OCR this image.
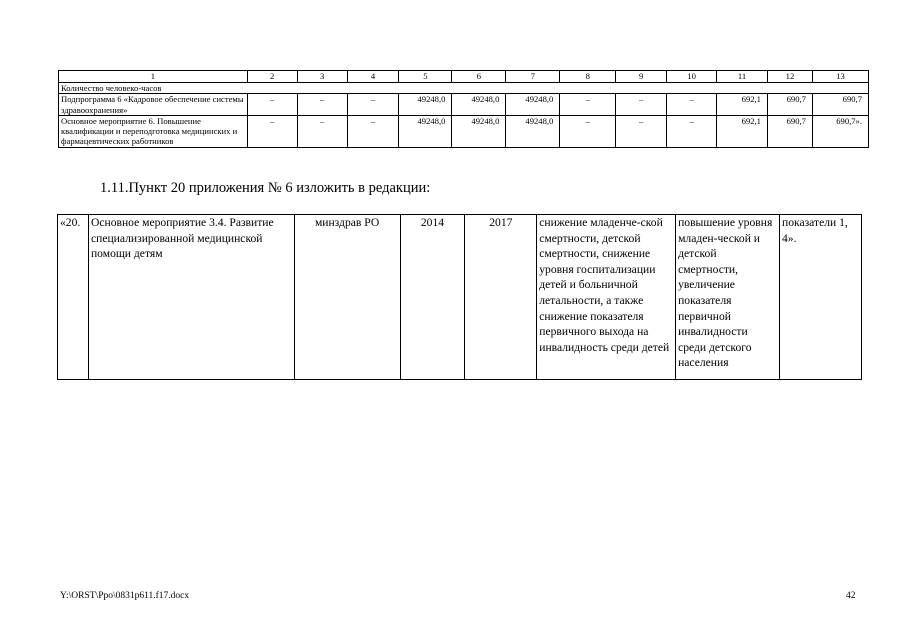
1	2	3	4	5	6	7	8	9	10	11	12	13
Количество человеко-часов												
Подпрограмма 6 «Кадровое обеспечение системы здравоохранения»	–	–	–	49248,0	49248,0	49248,0	–	–	–	692,1	690,7	690,7
Основное мероприятие 6. Повышение квалификации и переподготовка медицинских и фармацевтических работников	–	–	–	49248,0	49248,0	49248,0	–	–	–	692,1	690,7	690,7».
1.11.Пункт 20 приложения № 6 изложить в редакции:
«20.	Основное мероприятие 3.4. Развитие специализированной медицинской помощи детям	минздрав РО	2014	2017	снижение младенче-ской смертности, детской смертности, снижение уровня госпитализации детей и больничной летальности, а также снижение показателя первичного выхода на инвалидность среди детей	повышение уровня младен-ческой и детской смертности, увеличение показателя первичной инвалидности среди детского населения	показатели 1, 4».
Y:\ORST\Ppo\0831p611.f17.docx	42
